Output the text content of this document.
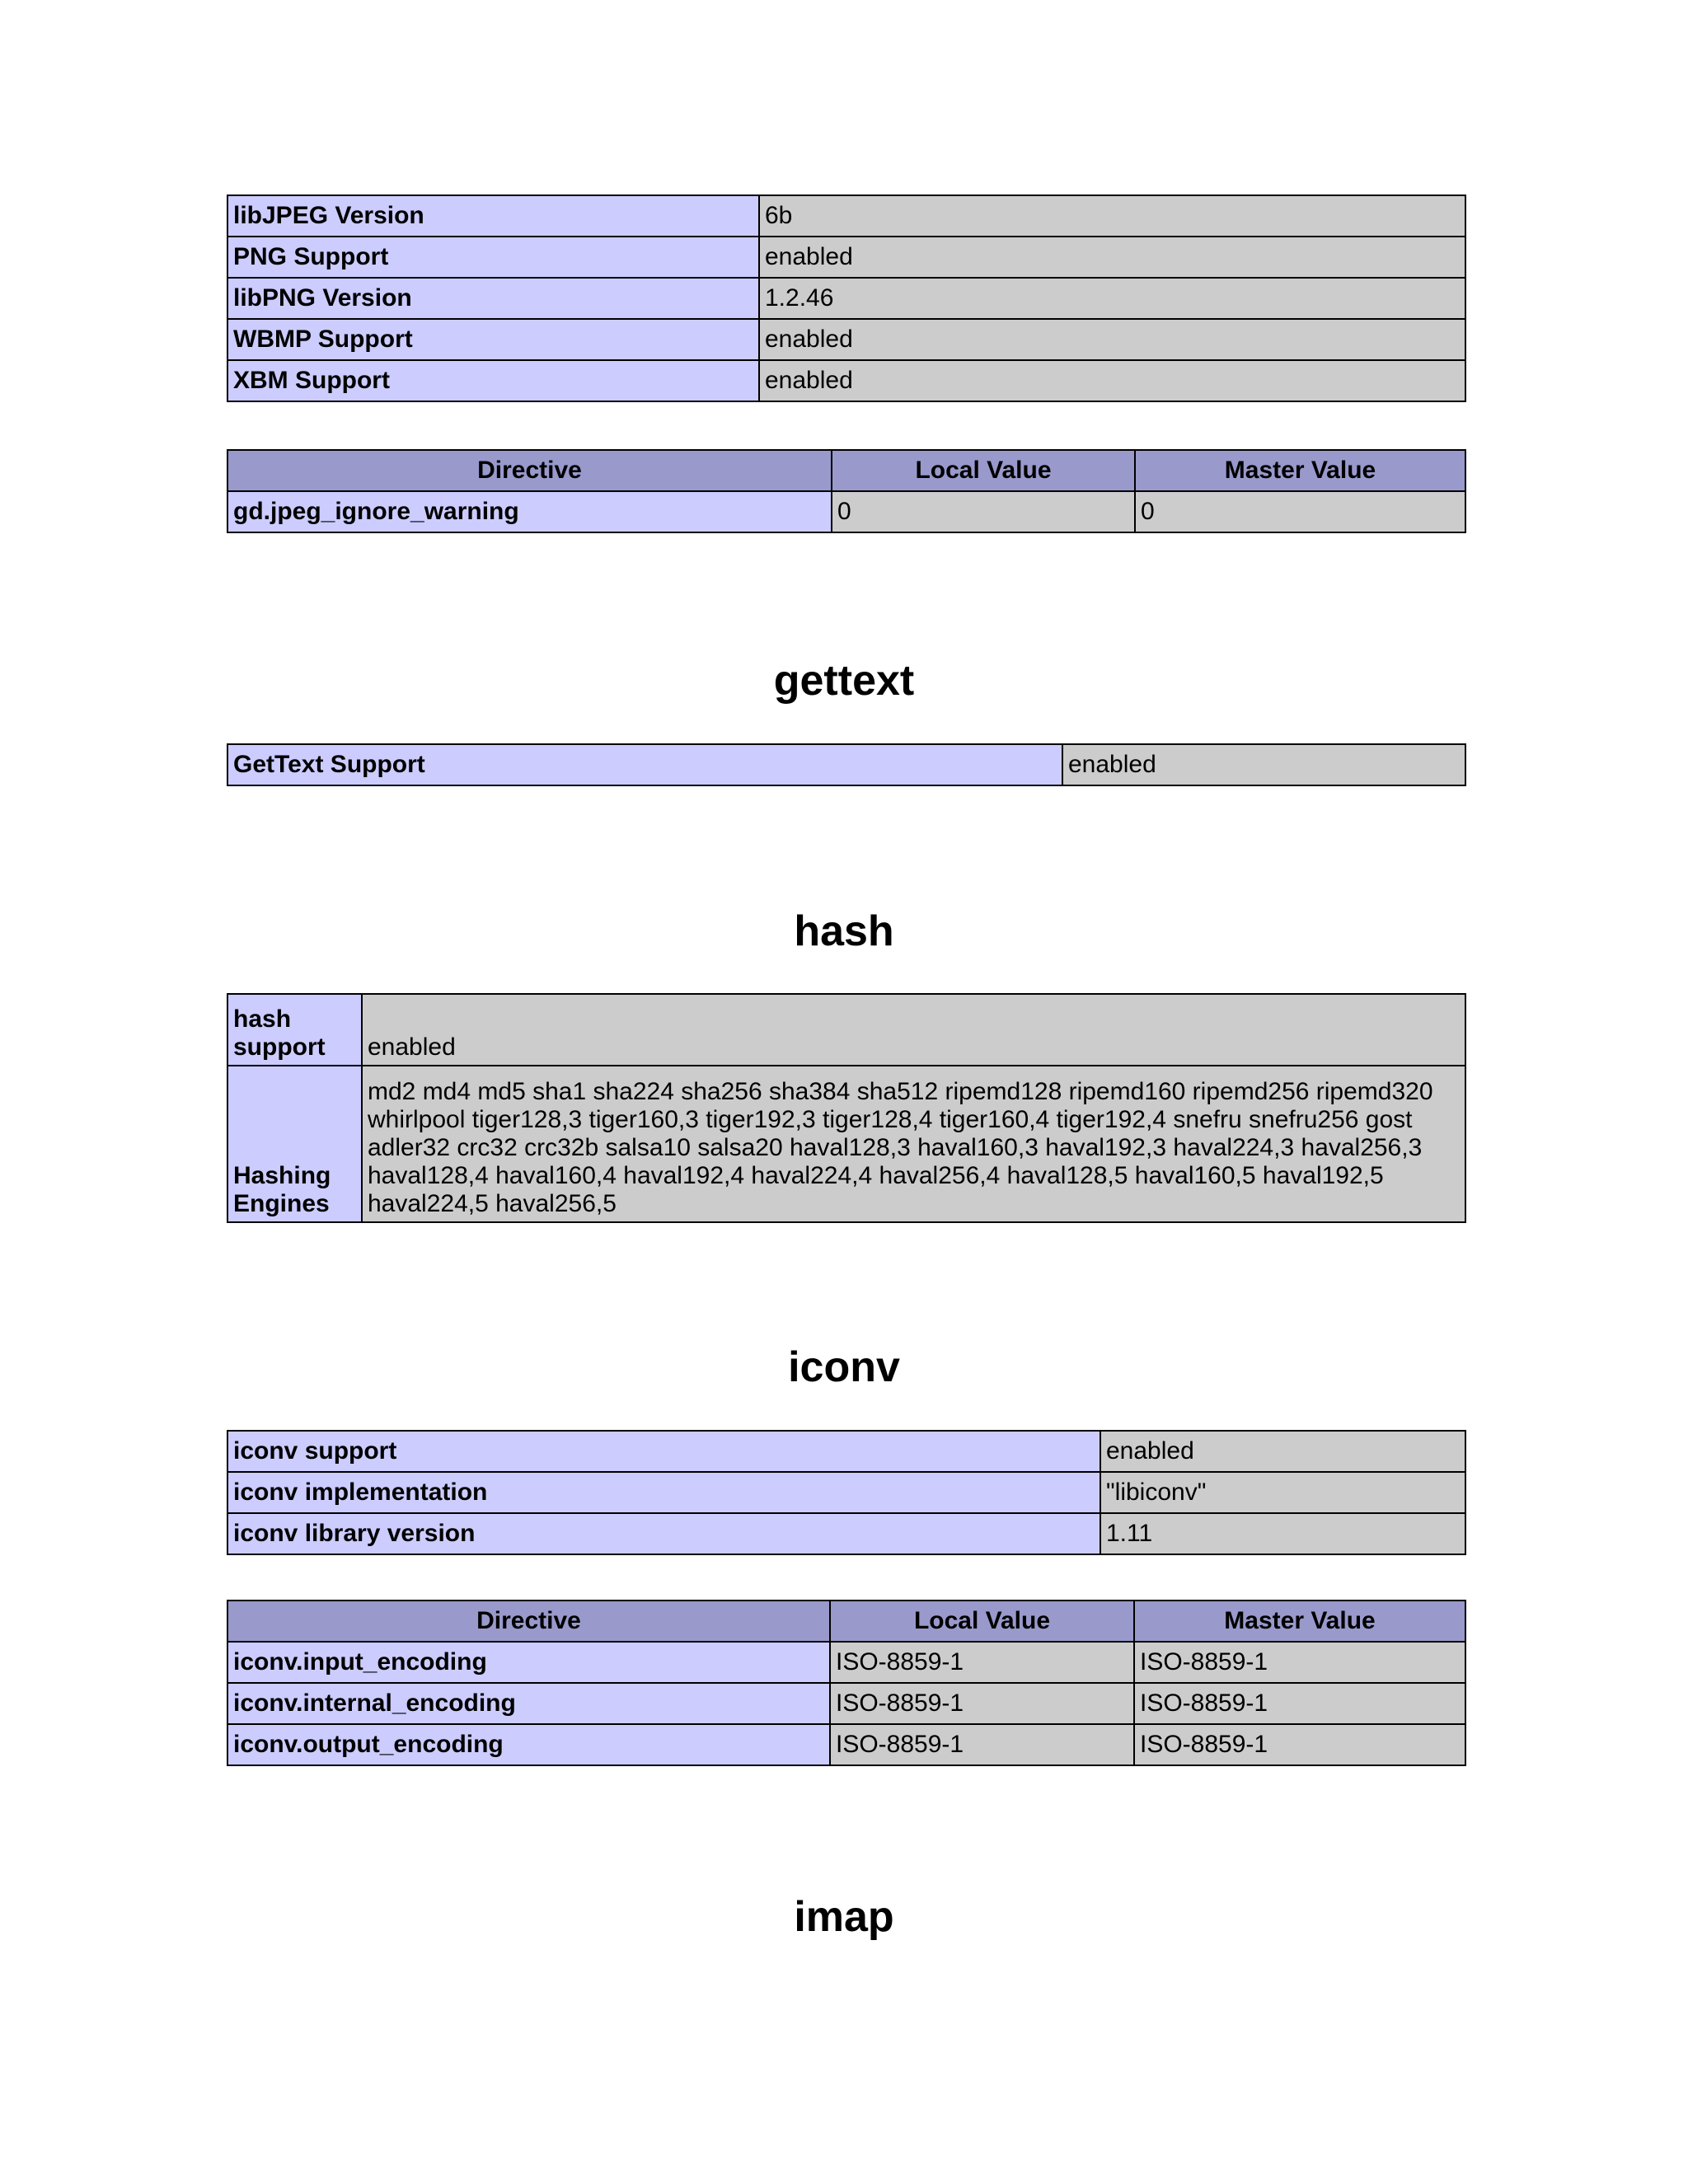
libJPEG Version	6b
PNG Support	enabled
libPNG Version	1.2.46
WBMP Support	enabled
XBM Support	enabled
Directive	Local Value	Master Value
gd.jpeg_ignore_warning	0	0
gettext
GetText Support	enabled
hash
hash support	enabled
Hashing Engines	md2 md4 md5 sha1 sha224 sha256 sha384 sha512 ripemd128 ripemd160 ripemd256 ripemd320 whirlpool tiger128,3 tiger160,3 tiger192,3 tiger128,4 tiger160,4 tiger192,4 snefru snefru256 gost adler32 crc32 crc32b salsa10 salsa20 haval128,3 haval160,3 haval192,3 haval224,3 haval256,3 haval128,4 haval160,4 haval192,4 haval224,4 haval256,4 haval128,5 haval160,5 haval192,5 haval224,5 haval256,5
iconv
iconv support	enabled
iconv implementation	"libiconv"
iconv library version	1.11
Directive	Local Value	Master Value
iconv.input_encoding	ISO-8859-1	ISO-8859-1
iconv.internal_encoding	ISO-8859-1	ISO-8859-1
iconv.output_encoding	ISO-8859-1	ISO-8859-1
imap
